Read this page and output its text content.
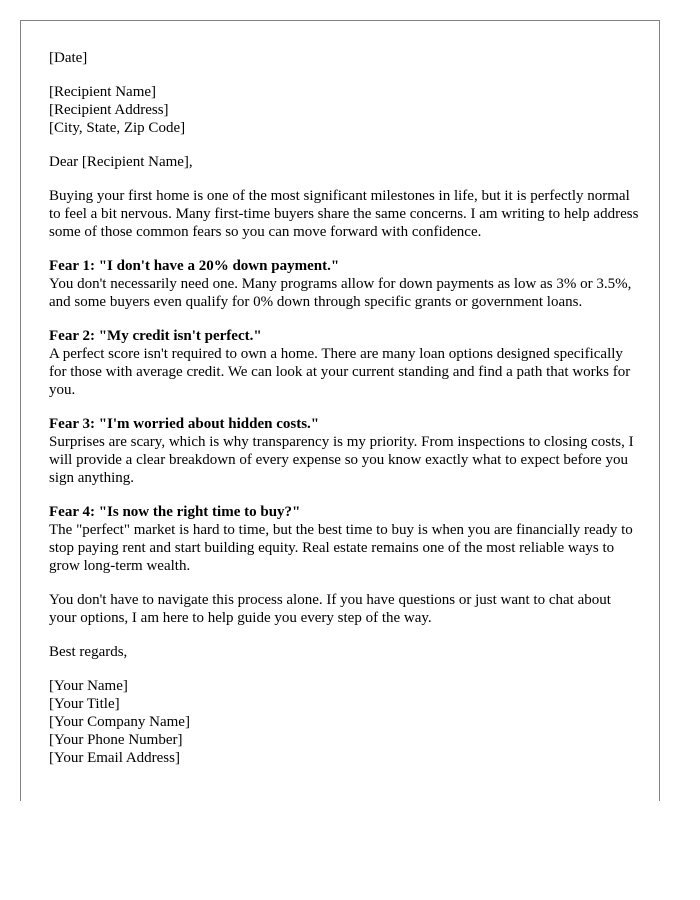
[Date]

[Recipient Name]
[Recipient Address]
[City, State, Zip Code]

Dear [Recipient Name],

Buying your first home is one of the most significant milestones in life, but it is perfectly normal to feel a bit nervous. Many first-time buyers share the same concerns. I am writing to help address some of those common fears so you can move forward with confidence.

Fear 1: "I don't have a 20% down payment."
You don't necessarily need one. Many programs allow for down payments as low as 3% or 3.5%, and some buyers even qualify for 0% down through specific grants or government loans.
Fear 2: "My credit isn't perfect."
A perfect score isn't required to own a home. There are many loan options designed specifically for those with average credit. We can look at your current standing and find a path that works for you.
Fear 3: "I'm worried about hidden costs."
Surprises are scary, which is why transparency is my priority. From inspections to closing costs, I will provide a clear breakdown of every expense so you know exactly what to expect before you sign anything.
Fear 4: "Is now the right time to buy?"
The "perfect" market is hard to time, but the best time to buy is when you are financially ready to stop paying rent and start building equity. Real estate remains one of the most reliable ways to grow long-term wealth.

You don't have to navigate this process alone. If you have questions or just want to chat about your options, I am here to help guide you every step of the way.

Best regards,

[Your Name]
[Your Title]
[Your Company Name]
[Your Phone Number]
[Your Email Address]
